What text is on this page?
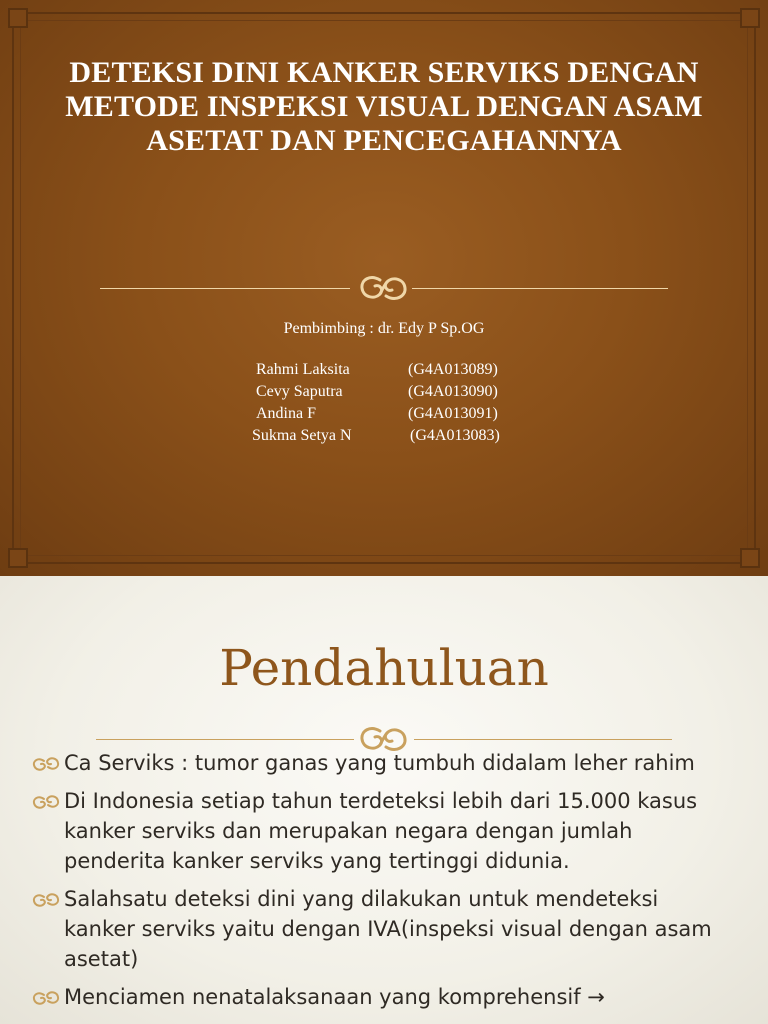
DETEKSI DINI KANKER SERVIKS DENGAN METODE INSPEKSI VISUAL DENGAN ASAM ASETAT DAN PENCEGAHANNYA
Pembimbing : dr. Edy P Sp.OG
Rahmi Laksita	(G4A013089)
Cevy Saputra	(G4A013090)
Andina F	(G4A013091)
Sukma Setya N	(G4A013083)
Pendahuluan
Ca Serviks : tumor ganas yang tumbuh didalam leher rahim
Di Indonesia setiap tahun terdeteksi lebih dari 15.000 kasus kanker serviks dan merupakan negara dengan jumlah penderita kanker serviks yang tertinggi didunia.
Salahsatu deteksi dini yang dilakukan untuk mendeteksi kanker serviks yaitu dengan IVA(inspeksi visual dengan asam asetat)
Menciamen nenatalaksanaan yang komprehensif →
